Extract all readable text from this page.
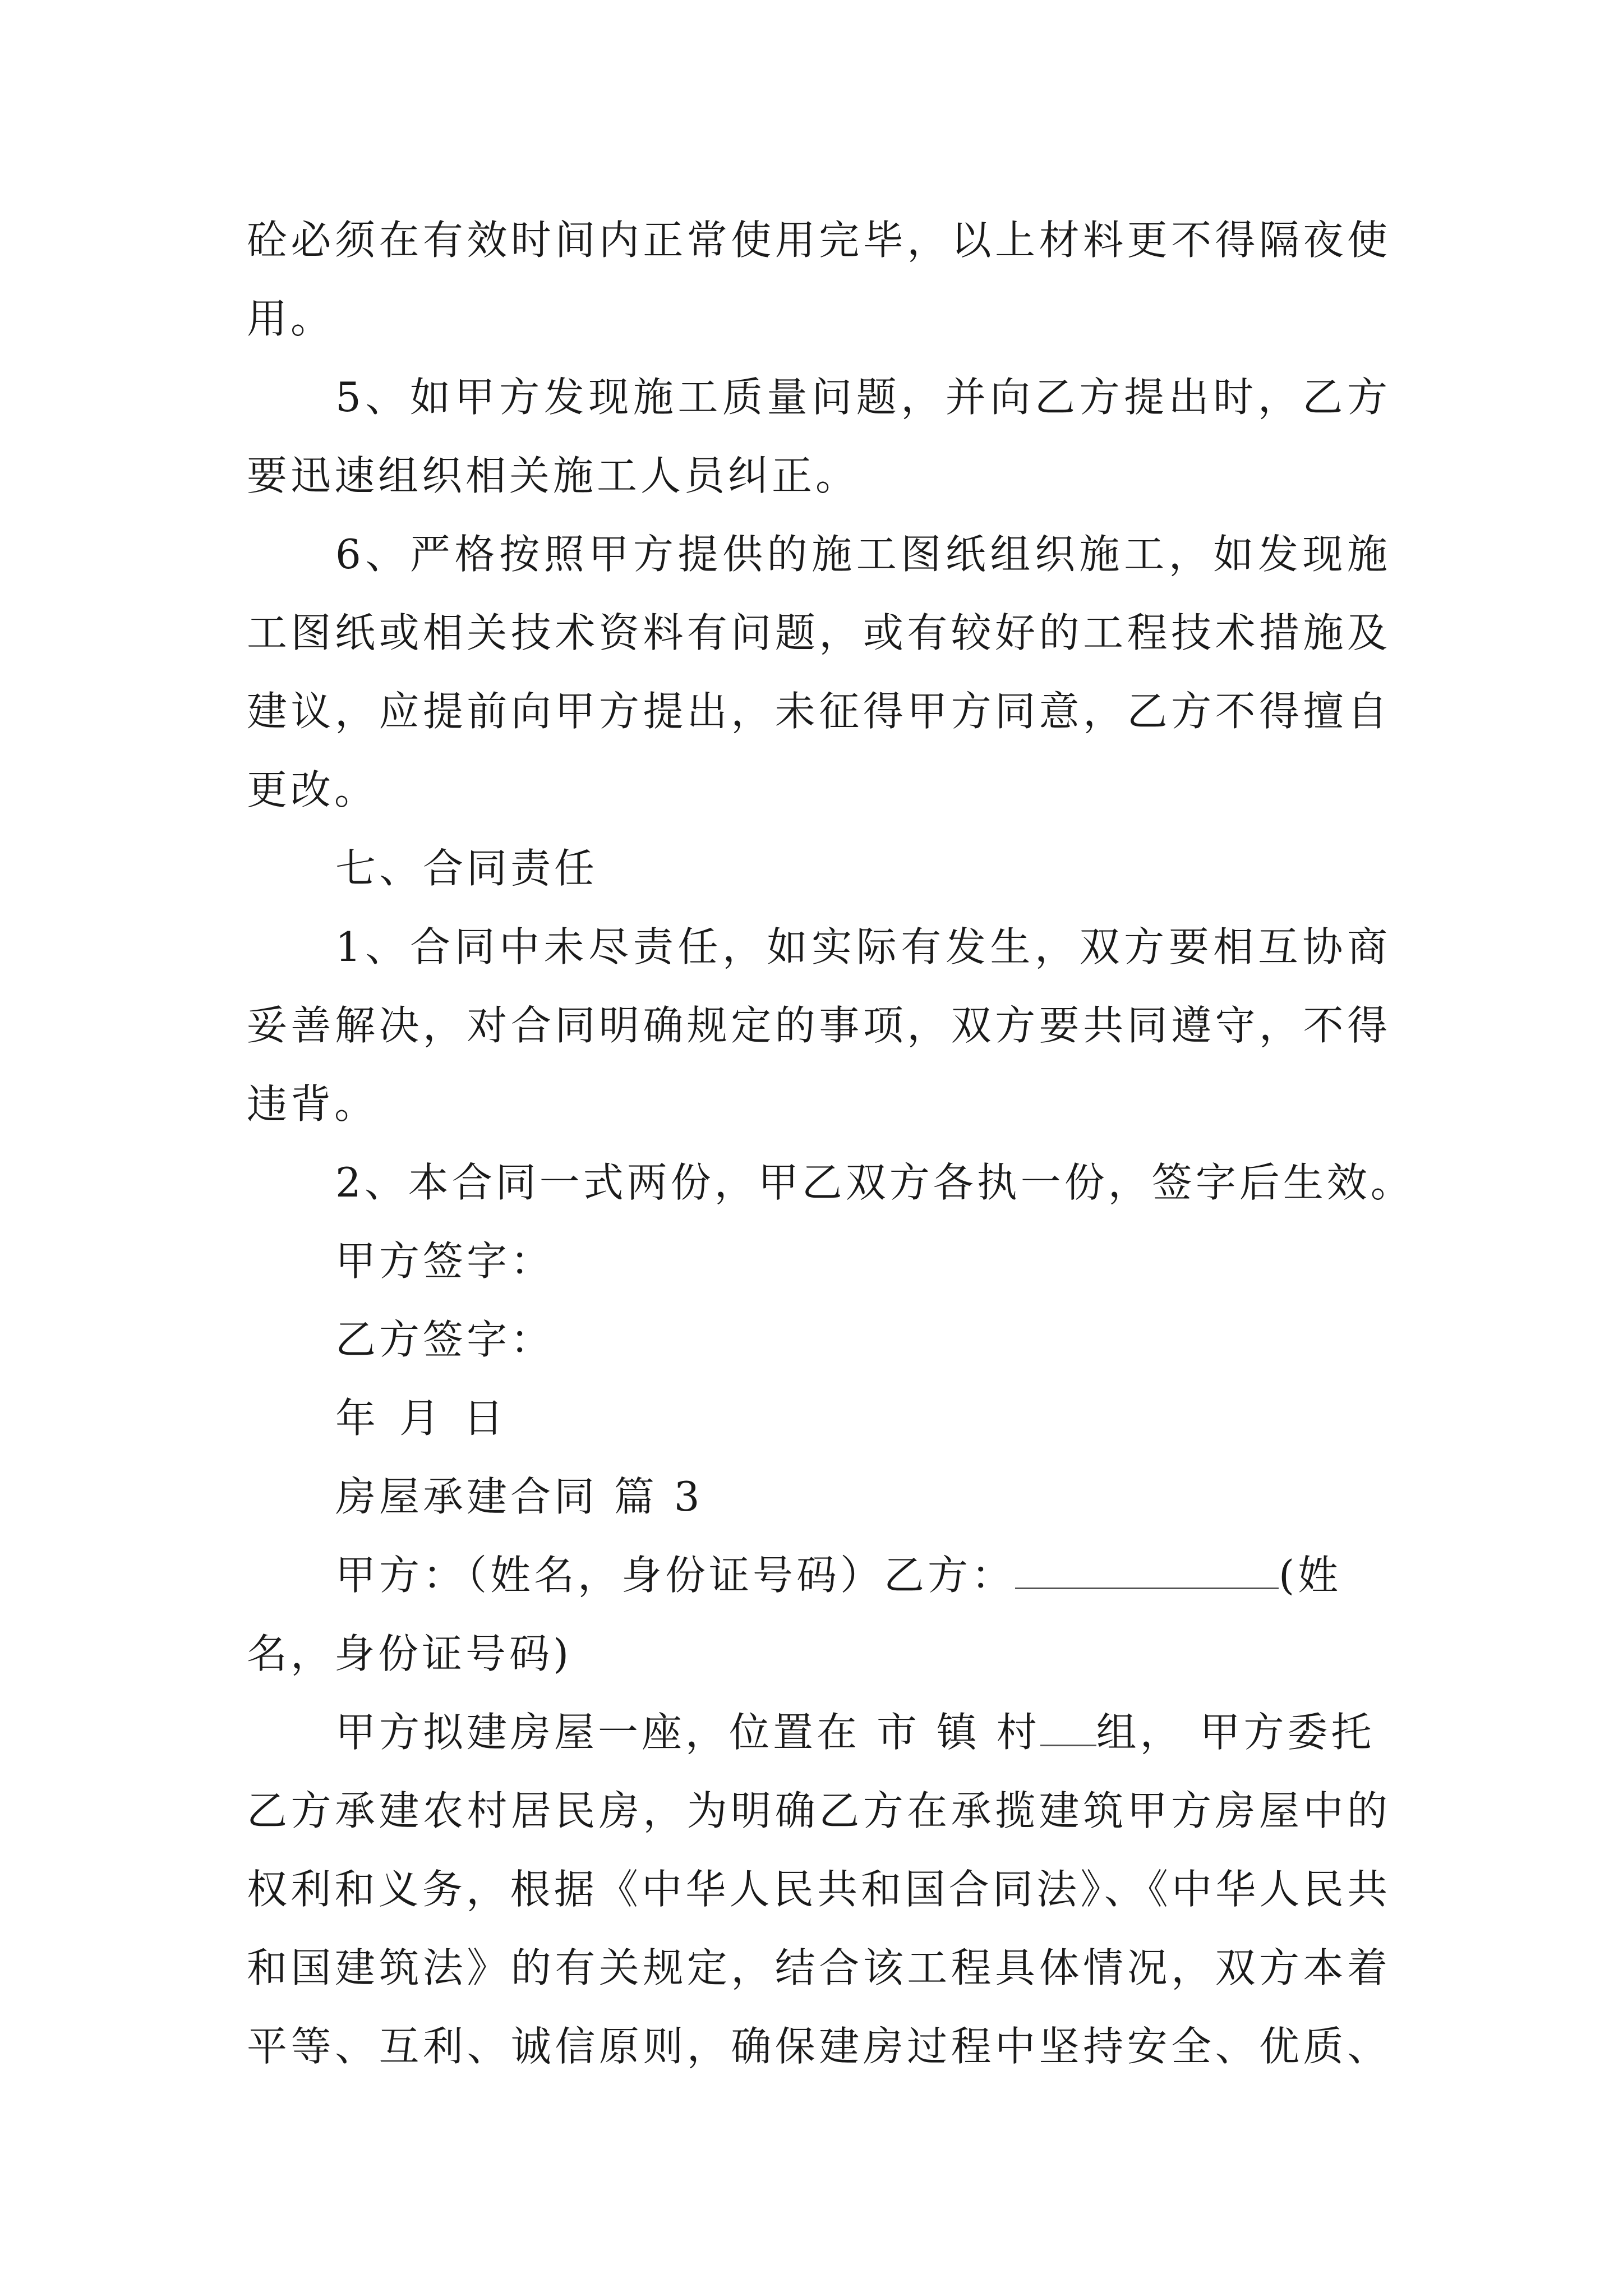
砼必须在有效时间内正常使用完毕，以上材料更不得隔夜使
用。
5、如甲方发现施工质量问题，并向乙方提出时，乙方
要迅速组织相关施工人员纠正。
6、严格按照甲方提供的施工图纸组织施工，如发现施
工图纸或相关技术资料有问题，或有较好的工程技术措施及
建议，应提前向甲方提出，未征得甲方同意，乙方不得擅自
更改。
七、合同责任
1、合同中未尽责任，如实际有发生，双方要相互协商
妥善解决，对合同明确规定的事项，双方要共同遵守，不得
违背。
2、本合同一式两份，甲乙双方各执一份，签字后生效。
甲方签字：
乙方签字：
年 月 日
房屋承建合同 篇 3
甲方：（姓名，身份证号码）乙方：	(姓
名，身份证号码)
甲方拟建房屋一座，位置在 市 镇 村 组， 甲方委托
乙方承建农村居民房，为明确乙方在承揽建筑甲方房屋中的
权利和义务，根据《中华人民共和国合同法》、《中华人民共
和国建筑法》的有关规定，结合该工程具体情况，双方本着
平等、互利、诚信原则，确保建房过程中坚持安全、优质、
